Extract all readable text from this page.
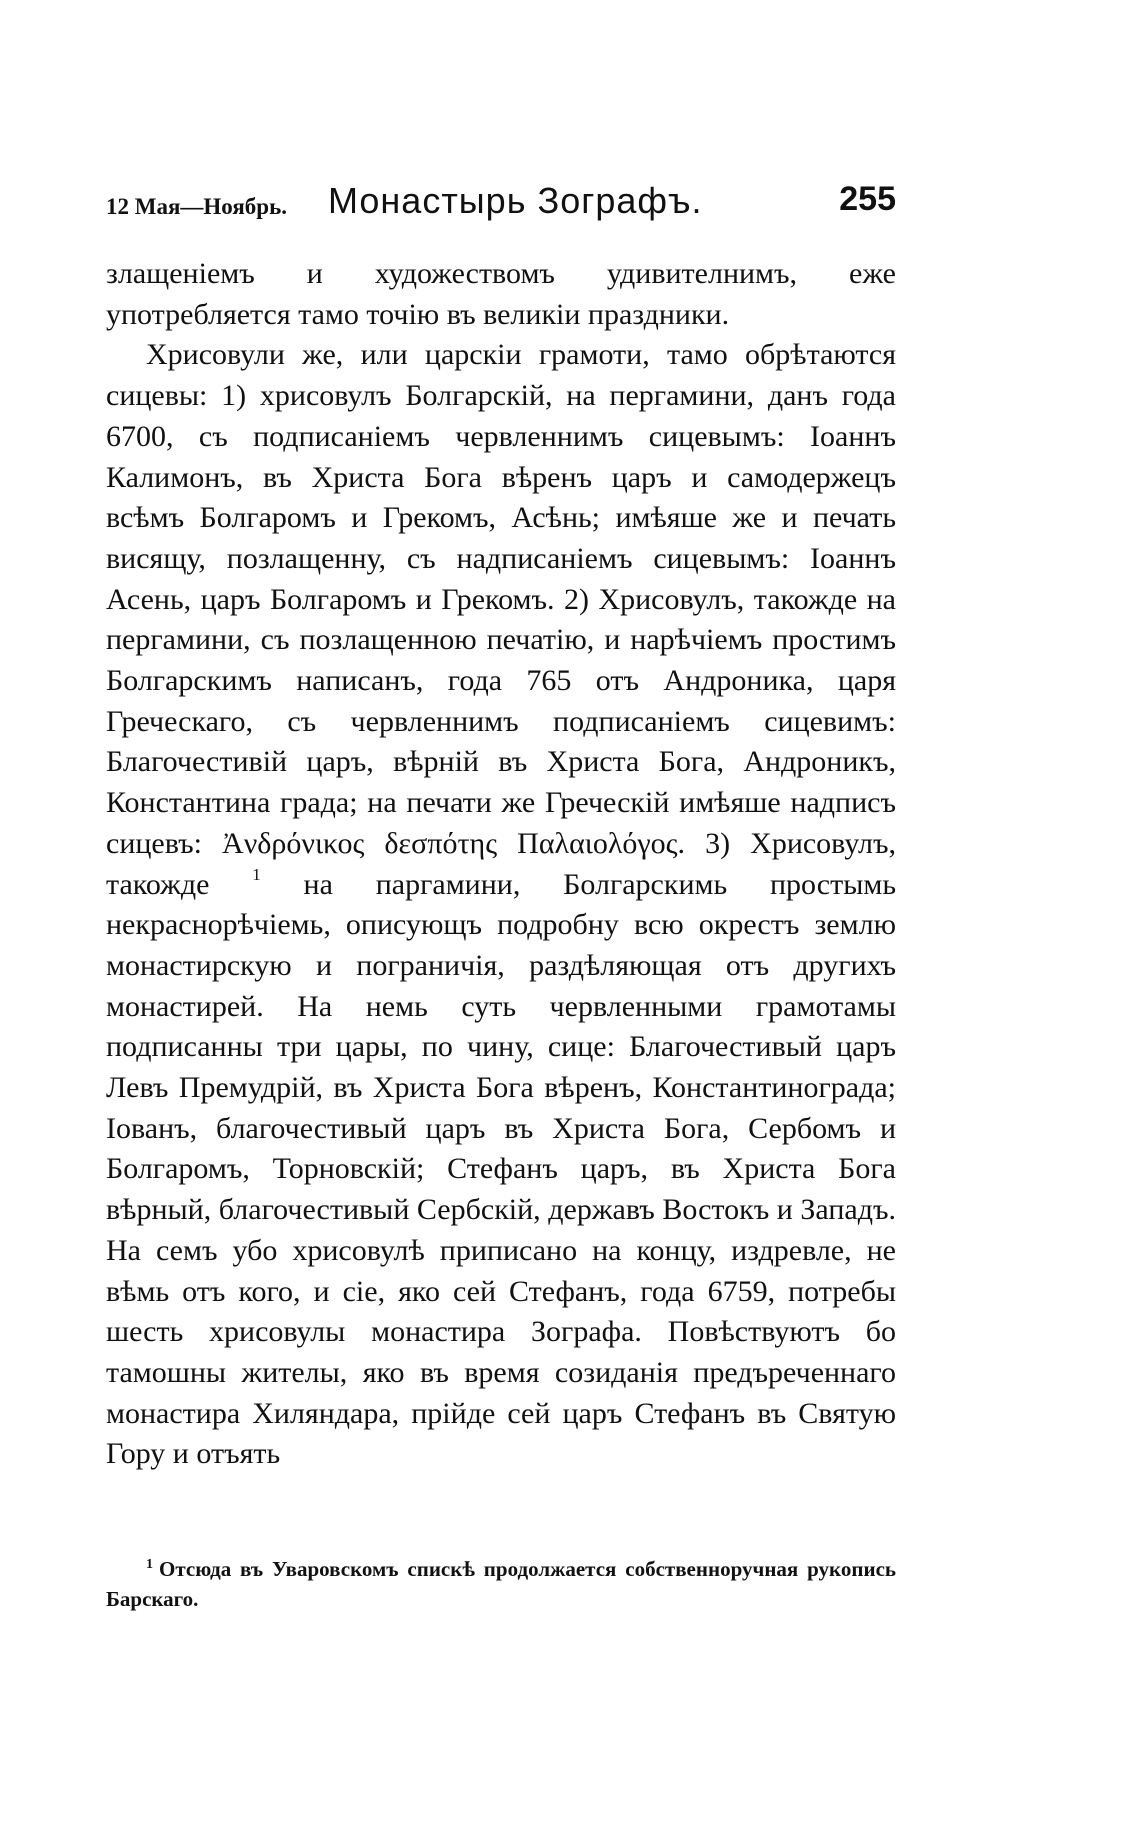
12 Мая—Ноябрь. Монастырь Зографъ.	255

злащеніемъ и художествомъ удивителнимъ, еже употребляется тамо точію въ великіи праздники.

Хрисовули же, или царскіи грамоти, тамо обрѣтаются сицевы: 1) хрисовулъ Болгарскій, на пергамини, данъ года 6700, съ подписаніемъ червленнимъ сицевымъ: Іоаннъ Калимонъ, въ Христа Бога вѣренъ царъ и самодержецъ всѣмъ Болгаромъ и Грекомъ, Асѣнь; имѣяше же и печать висящу, позлащенну, съ надписаніемъ сицевымъ: Іоаннъ Асень, царъ Болгаромъ и Грекомъ. 2) Хрисовулъ, такожде на пергамини, съ позлащенною печатію, и нарѣчіемъ простимъ Болгарскимъ написанъ, года 765 отъ Андроника, царя Греческаго, съ червленнимъ подписаніемъ сицевимъ: Благочестивій царъ, вѣрній въ Христа Бога, Андроникъ, Константина града; на печати же Греческій имѣяше надписъ сицевъ: Ἀνδρόνικος δεσπότης Παλαιολόγος. 3) Хрисовулъ, такожде	$^1$ на паргамини, Болгарскимь простымь некраснорѣчіемь, описующъ подробну всю окрестъ землю монастирскую и пограничія, раздѣляющая отъ другихъ монастирей. На немь суть червленными грамотамы подписанны три цары, по чину, сице: Благочестивый царъ Левъ Премудрій, въ Христа Бога вѣренъ, Константинограда; Іованъ, благочестивый царъ въ Христа Бога, Сербомъ и Болгаромъ, Торновскій; Стефанъ царъ, въ Христа Бога вѣрный, благочестивый Сербскій, державъ Востокъ и Западъ. На семъ убо хрисовулѣ приписано на концу, издревле, не вѣмь отъ кого, и сіе, яко сей Стефанъ, года 6759, потребы шесть хрисовулы монастира Зографа. Повѣствуютъ бо тамошны жителы, яко въ время созиданія предъреченнаго монастира Хиляндара, прійде сей царъ Стефанъ въ Святую Гору и отъять

$^1$ Отсюда въ Уваровскомъ спискѣ продолжается собственноручная рукопись Барскаго.
